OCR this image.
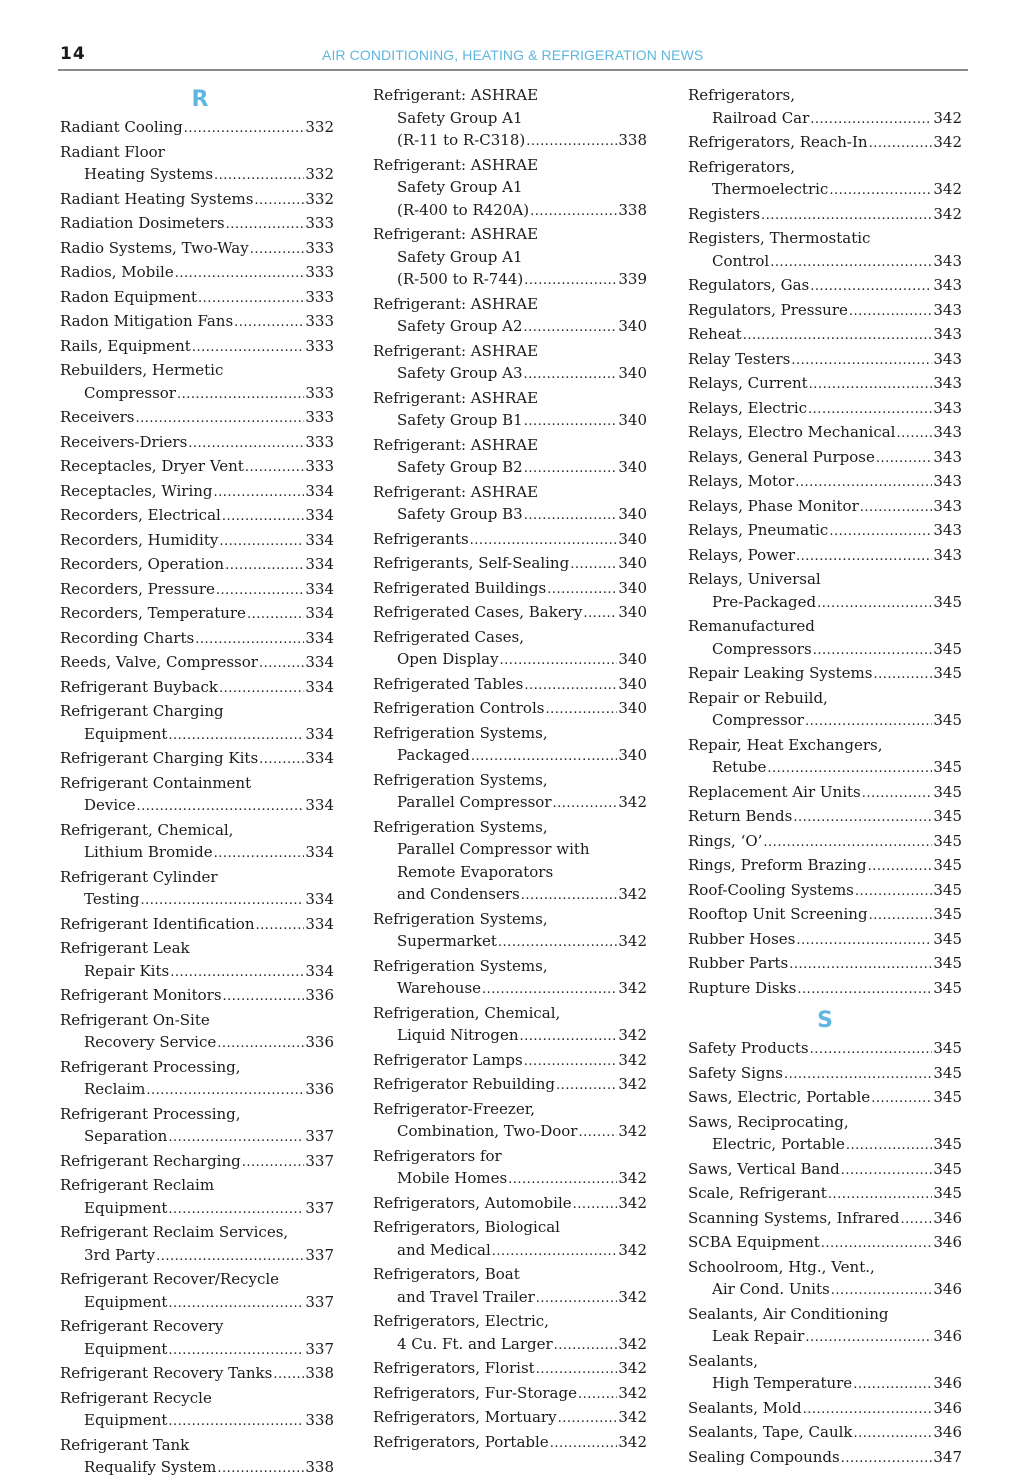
14	AIR CONDITIONING, HEATING & REFRIGERATION NEWS
R
Radiant Cooling .....	332
Radiant Floor
Heating Systems .....	332
Radiant Heating Systems .....	332
Radiation Dosimeters .....	333
Radio Systems, Two-Way .....	333
Radios, Mobile .....	333
Radon Equipment .....	333
Radon Mitigation Fans .....	333
Rails, Equipment .....	333
Rebuilders, Hermetic
Compressor .....	333
Receivers .....	333
Receivers-Driers .....	333
Receptacles, Dryer Vent .....	333
Receptacles, Wiring .....	334
Recorders, Electrical .....	334
Recorders, Humidity .....	334
Recorders, Operation .....	334
Recorders, Pressure .....	334
Recorders, Temperature .....	334
Recording Charts .....	334
Reeds, Valve, Compressor .....	334
Refrigerant Buyback .....	334
Refrigerant Charging
Equipment .....	334
Refrigerant Charging Kits .....	334
Refrigerant Containment
Device .....	334
Refrigerant, Chemical,
Lithium Bromide .....	334
Refrigerant Cylinder
Testing .....	334
Refrigerant Identification .....	334
Refrigerant Leak
Repair Kits .....	334
Refrigerant Monitors .....	336
Refrigerant On-Site
Recovery Service .....	336
Refrigerant Processing,
Reclaim .....	336
Refrigerant Processing,
Separation .....	337
Refrigerant Recharging .....	337
Refrigerant Reclaim
Equipment .....	337
Refrigerant Reclaim Services,
3rd Party .....	337
Refrigerant Recover/Recycle
Equipment .....	337
Refrigerant Recovery
Equipment .....	337
Refrigerant Recovery Tanks ..... 338
Refrigerant Recycle
Equipment .....	338
Refrigerant Tank
Requalify System .....	338
Refrigerant: ASHRAE
Safety Group A1
(R-11 to R-C318) .....	338
Refrigerant: ASHRAE
Safety Group A1
(R-400 to R420A) .....	338
Refrigerant: ASHRAE
Safety Group A1
(R-500 to R-744) .....	339
Refrigerant: ASHRAE
Safety Group A2 .....	340
Refrigerant: ASHRAE
Safety Group A3 .....	340
Refrigerant: ASHRAE
Safety Group B1 .....	340
Refrigerant: ASHRAE
Safety Group B2 .....	340
Refrigerant: ASHRAE
Safety Group B3 .....	340
Refrigerants .....	340
Refrigerants, Self-Sealing .....	340
Refrigerated Buildings .....	340
Refrigerated Cases, Bakery ..... 340
Refrigerated Cases,
Open Display .....	340
Refrigerated Tables .....	340
Refrigeration Controls .....	340
Refrigeration Systems,
Packaged .....	340
Refrigeration Systems,
Parallel Compressor .....	342
Refrigeration Systems,
Parallel Compressor with
Remote Evaporators
and Condensers .....	342
Refrigeration Systems,
Supermarket .....	342
Refrigeration Systems,
Warehouse .....	342
Refrigeration, Chemical,
Liquid Nitrogen .....	342
Refrigerator Lamps .....	342
Refrigerator Rebuilding .....	342
Refrigerator-Freezer,
Combination, Two-Door .....	342
Refrigerators for
Mobile Homes .....	342
Refrigerators, Automobile .....	342
Refrigerators, Biological
and Medical .....	342
Refrigerators, Boat
and Travel Trailer .....	342
Refrigerators, Electric,
4 Cu. Ft. and Larger .....	342
Refrigerators, Florist .....	342
Refrigerators, Fur-Storage .....	342
Refrigerators, Mortuary .....	342
Refrigerators, Portable .....	342
Refrigerators,
Railroad Car .....	342
Refrigerators, Reach-In .....	342
Refrigerators,
Thermoelectric .....	342
Registers .....	342
Registers, Thermostatic
Control .....	343
Regulators, Gas .....	343
Regulators, Pressure .....	343
Reheat .....	343
Relay Testers .....	343
Relays, Current .....	343
Relays, Electric .....	343
Relays, Electro Mechanical .....	343
Relays, General Purpose .....	343
Relays, Motor .....	343
Relays, Phase Monitor .....	343
Relays, Pneumatic .....	343
Relays, Power .....	343
Relays, Universal
Pre-Packaged .....	345
Remanufactured
Compressors .....	345
Repair Leaking Systems .....	345
Repair or Rebuild,
Compressor .....	345
Repair, Heat Exchangers,
Retube .....	345
Replacement Air Units .....	345
Return Bends .....	345
Rings, ‘O’ .....	345
Rings, Preform Brazing .....	345
Roof-Cooling Systems .....	345
Rooftop Unit Screening .....	345
Rubber Hoses .....	345
Rubber Parts .....	345
Rupture Disks .....	345
S
Safety Products .....	345
Safety Signs .....	345
Saws, Electric, Portable .....	345
Saws, Reciprocating,
Electric, Portable .....	345
Saws, Vertical Band .....	345
Scale, Refrigerant .....	345
Scanning Systems, Infrared ..... 346
SCBA Equipment .....	346
Schoolroom, Htg., Vent.,
Air Cond. Units .....	346
Sealants, Air Conditioning
Leak Repair .....	346
Sealants,
High Temperature .....	346
Sealants, Mold .....	346
Sealants, Tape, Caulk .....	346
Sealing Compounds .....	347
